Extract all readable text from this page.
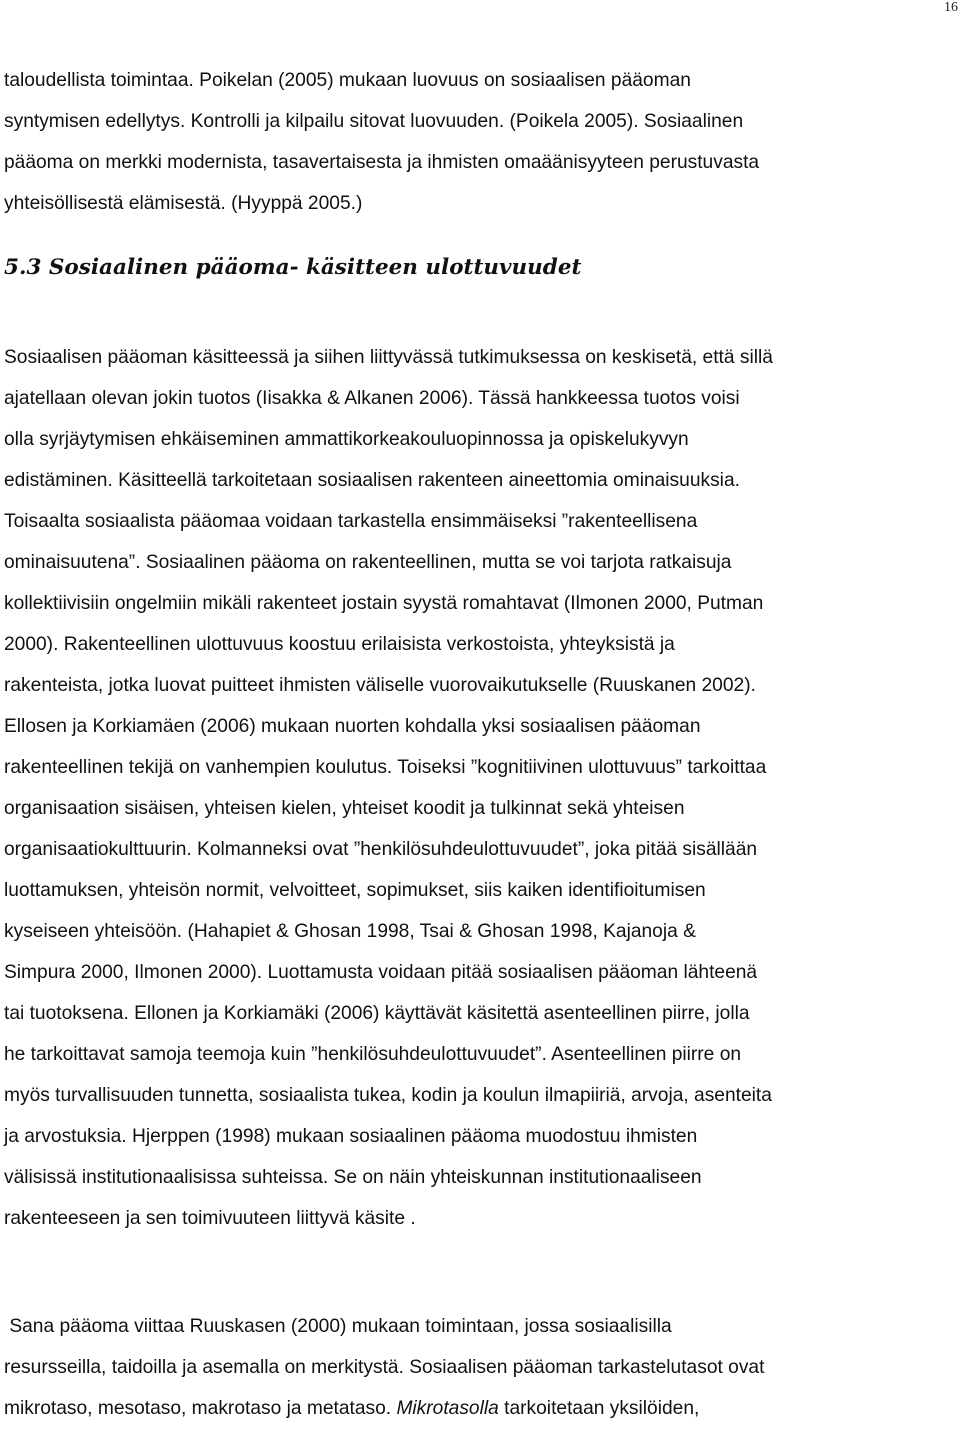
16

taloudellista toimintaa. Poikelan (2005) mukaan luovuus on sosiaalisen pääoman
syntymisen edellytys. Kontrolli ja kilpailu sitovat luovuuden. (Poikela 2005). Sosiaalinen
pääoma on merkki modernista, tasavertaisesta ja ihmisten omaäänisyyteen perustuvasta
yhteisöllisestä elämisestä. (Hyyppä 2005.)

5.3 Sosiaalinen pääoma- käsitteen ulottuvuudet

Sosiaalisen pääoman käsitteessä ja siihen liittyvässä tutkimuksessa on keskisetä, että sillä
ajatellaan olevan jokin tuotos (Iisakka & Alkanen 2006). Tässä hankkeessa tuotos voisi
olla syrjäytymisen ehkäiseminen ammattikorkeakouluopinnossa ja opiskelukyvyn
edistäminen. Käsitteellä tarkoitetaan sosiaalisen rakenteen aineettomia ominaisuuksia.
Toisaalta sosiaalista pääomaa voidaan tarkastella ensimmäiseksi ”rakenteellisena
ominaisuutena”. Sosiaalinen pääoma on rakenteellinen, mutta se voi tarjota ratkaisuja
kollektiivisiin ongelmiin mikäli rakenteet jostain syystä romahtavat (Ilmonen 2000, Putman
2000). Rakenteellinen ulottuvuus koostuu erilaisista verkostoista, yhteyksistä ja
rakenteista, jotka luovat puitteet ihmisten väliselle vuorovaikutukselle (Ruuskanen 2002).
Ellosen ja Korkiamäen (2006) mukaan nuorten kohdalla yksi sosiaalisen pääoman
rakenteellinen tekijä on vanhempien koulutus. Toiseksi ”kognitiivinen ulottuvuus” tarkoittaa
organisaation sisäisen, yhteisen kielen, yhteiset koodit ja tulkinnat sekä yhteisen
organisaatiokulttuurin. Kolmanneksi ovat ”henkilösuhdeulottuvuudet”, joka pitää sisällään
luottamuksen, yhteisön normit, velvoitteet, sopimukset, siis kaiken identifioitumisen
kyseiseen yhteisöön. (Hahapiet & Ghosan 1998, Tsai & Ghosan 1998, Kajanoja &
Simpura 2000, Ilmonen 2000). Luottamusta voidaan pitää sosiaalisen pääoman lähteenä
tai tuotoksena. Ellonen ja Korkiamäki (2006) käyttävät käsitettä asenteellinen piirre, jolla
he tarkoittavat samoja teemoja kuin ”henkilösuhdeulottuvuudet”. Asenteellinen piirre on
myös turvallisuuden tunnetta, sosiaalista tukea, kodin ja koulun ilmapiiriä, arvoja, asenteita
ja arvostuksia. Hjerppen (1998) mukaan sosiaalinen pääoma muodostuu ihmisten
välisissä institutionaalisissa suhteissa. Se on näin yhteiskunnan institutionaaliseen
rakenteeseen ja sen toimivuuteen liittyvä käsite .

Sana pääoma viittaa Ruuskasen (2000) mukaan toimintaan, jossa sosiaalisilla
resursseilla, taidoilla ja asemalla on merkitystä. Sosiaalisen pääoman tarkastelutasot ovat
mikrotaso, mesotaso, makrotaso ja metataso. Mikrotasolla tarkoitetaan yksilöiden,
